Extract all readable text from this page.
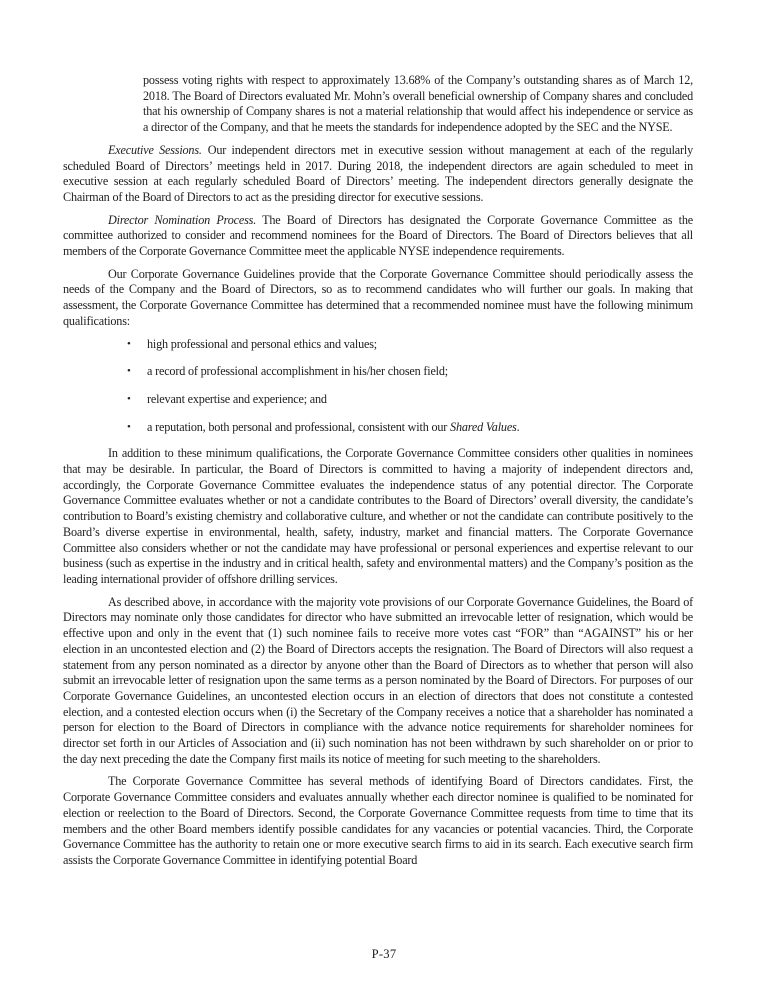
possess voting rights with respect to approximately 13.68% of the Company’s outstanding shares as of March 12, 2018. The Board of Directors evaluated Mr. Mohn’s overall beneficial ownership of Company shares and concluded that his ownership of Company shares is not a material relationship that would affect his independence or service as a director of the Company, and that he meets the standards for independence adopted by the SEC and the NYSE.

Executive Sessions. Our independent directors met in executive session without management at each of the regularly scheduled Board of Directors’ meetings held in 2017. During 2018, the independent directors are again scheduled to meet in executive session at each regularly scheduled Board of Directors’ meeting. The independent directors generally designate the Chairman of the Board of Directors to act as the presiding director for executive sessions.

Director Nomination Process. The Board of Directors has designated the Corporate Governance Committee as the committee authorized to consider and recommend nominees for the Board of Directors. The Board of Directors believes that all members of the Corporate Governance Committee meet the applicable NYSE independence requirements.

Our Corporate Governance Guidelines provide that the Corporate Governance Committee should periodically assess the needs of the Company and the Board of Directors, so as to recommend candidates who will further our goals. In making that assessment, the Corporate Governance Committee has determined that a recommended nominee must have the following minimum qualifications:

•	high professional and personal ethics and values;
•	a record of professional accomplishment in his/her chosen field;
•	relevant expertise and experience; and
•	a reputation, both personal and professional, consistent with our Shared Values.

In addition to these minimum qualifications, the Corporate Governance Committee considers other qualities in nominees that may be desirable. In particular, the Board of Directors is committed to having a majority of independent directors and, accordingly, the Corporate Governance Committee evaluates the independence status of any potential director. The Corporate Governance Committee evaluates whether or not a candidate contributes to the Board of Directors’ overall diversity, the candidate’s contribution to Board’s existing chemistry and collaborative culture, and whether or not the candidate can contribute positively to the Board’s diverse expertise in environmental, health, safety, industry, market and financial matters. The Corporate Governance Committee also considers whether or not the candidate may have professional or personal experiences and expertise relevant to our business (such as expertise in the industry and in critical health, safety and environmental matters) and the Company’s position as the leading international provider of offshore drilling services.

As described above, in accordance with the majority vote provisions of our Corporate Governance Guidelines, the Board of Directors may nominate only those candidates for director who have submitted an irrevocable letter of resignation, which would be effective upon and only in the event that (1) such nominee fails to receive more votes cast “FOR” than “AGAINST” his or her election in an uncontested election and (2) the Board of Directors accepts the resignation. The Board of Directors will also request a statement from any person nominated as a director by anyone other than the Board of Directors as to whether that person will also submit an irrevocable letter of resignation upon the same terms as a person nominated by the Board of Directors. For purposes of our Corporate Governance Guidelines, an uncontested election occurs in an election of directors that does not constitute a contested election, and a contested election occurs when (i) the Secretary of the Company receives a notice that a shareholder has nominated a person for election to the Board of Directors in compliance with the advance notice requirements for shareholder nominees for director set forth in our Articles of Association and (ii) such nomination has not been withdrawn by such shareholder on or prior to the day next preceding the date the Company first mails its notice of meeting for such meeting to the shareholders.

The Corporate Governance Committee has several methods of identifying Board of Directors candidates. First, the Corporate Governance Committee considers and evaluates annually whether each director nominee is qualified to be nominated for election or reelection to the Board of Directors. Second, the Corporate Governance Committee requests from time to time that its members and the other Board members identify possible candidates for any vacancies or potential vacancies. Third, the Corporate Governance Committee has the authority to retain one or more executive search firms to aid in its search. Each executive search firm assists the Corporate Governance Committee in identifying potential Board

P-37
